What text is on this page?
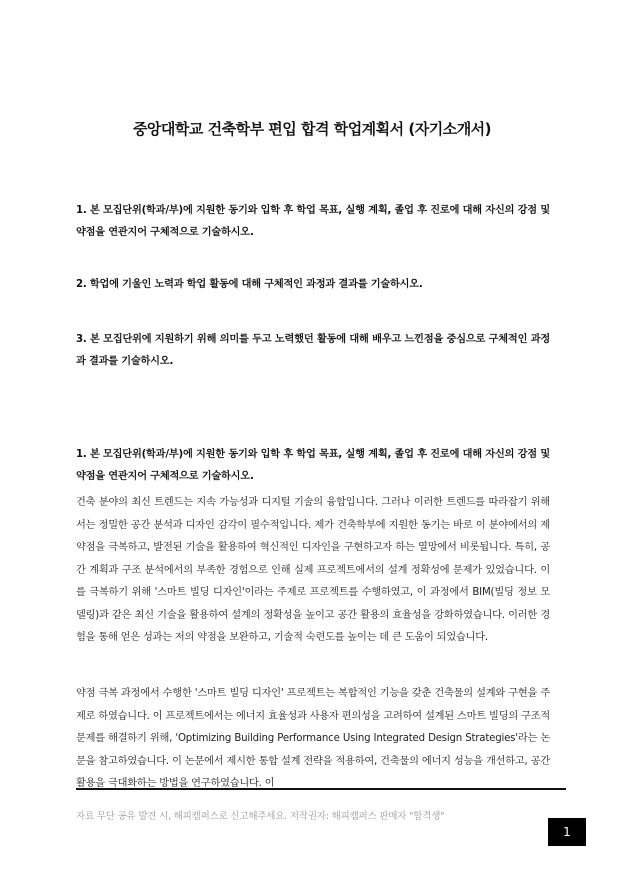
중앙대학교 건축학부 편입 합격 학업계획서 (자기소개서)
1. 본 모집단위(학과/부)에 지원한 동기와 입학 후 학업 목표, 실행 계획, 졸업 후 진로에 대해 자신의 강점 및 약점을 연관지어 구체적으로 기술하시오.
2. 학업에 기울인 노력과 학업 활동에 대해 구체적인 과정과 결과를 기술하시오.
3. 본 모집단위에 지원하기 위해 의미를 두고 노력했던 활동에 대해 배우고 느낀점을 중심으로 구체적인 과정과 결과를 기술하시오.
1. 본 모집단위(학과/부)에 지원한 동기와 입학 후 학업 목표, 실행 계획, 졸업 후 진로에 대해 자신의 강점 및 약점을 연관지어 구체적으로 기술하시오.
건축 분야의 최신 트렌드는 지속 가능성과 디지털 기술의 융합입니다. 그러나 이러한 트렌드를 따라잡기 위해서는 정밀한 공간 분석과 디자인 감각이 필수적입니다. 제가 건축학부에 지원한 동기는 바로 이 분야에서의 제 약점을 극복하고, 발전된 기술을 활용하여 혁신적인 디자인을 구현하고자 하는 열망에서 비롯됩니다. 특히, 공간 계획과 구조 분석에서의 부족한 경험으로 인해 실제 프로젝트에서의 설계 정확성에 문제가 있었습니다. 이를 극복하기 위해 '스마트 빌딩 디자인'이라는 주제로 프로젝트를 수행하였고, 이 과정에서 BIM(빌딩 정보 모델링)과 같은 최신 기술을 활용하여 설계의 정확성을 높이고 공간 활용의 효율성을 강화하였습니다. 이러한 경험을 통해 얻은 성과는 저의 약점을 보완하고, 기술적 숙련도를 높이는 데 큰 도움이 되었습니다.
약점 극복 과정에서 수행한 '스마트 빌딩 디자인' 프로젝트는 복합적인 기능을 갖춘 건축물의 설계와 구현을 주제로 하였습니다. 이 프로젝트에서는 에너지 효율성과 사용자 편의성을 고려하여 설계된 스마트 빌딩의 구조적 문제를 해결하기 위해, 'Optimizing Building Performance Using Integrated Design Strategies'라는 논문을 참고하였습니다. 이 논문에서 제시한 통합 설계 전략을 적용하여, 건축물의 에너지 성능을 개선하고, 공간 활용을 극대화하는 방법을 연구하였습니다. 이
자료 무단 공유 발견 시, 해피캠퍼스로 신고해주세요. 저작권자: 해피캠퍼스 판매자 "합격생"
1
